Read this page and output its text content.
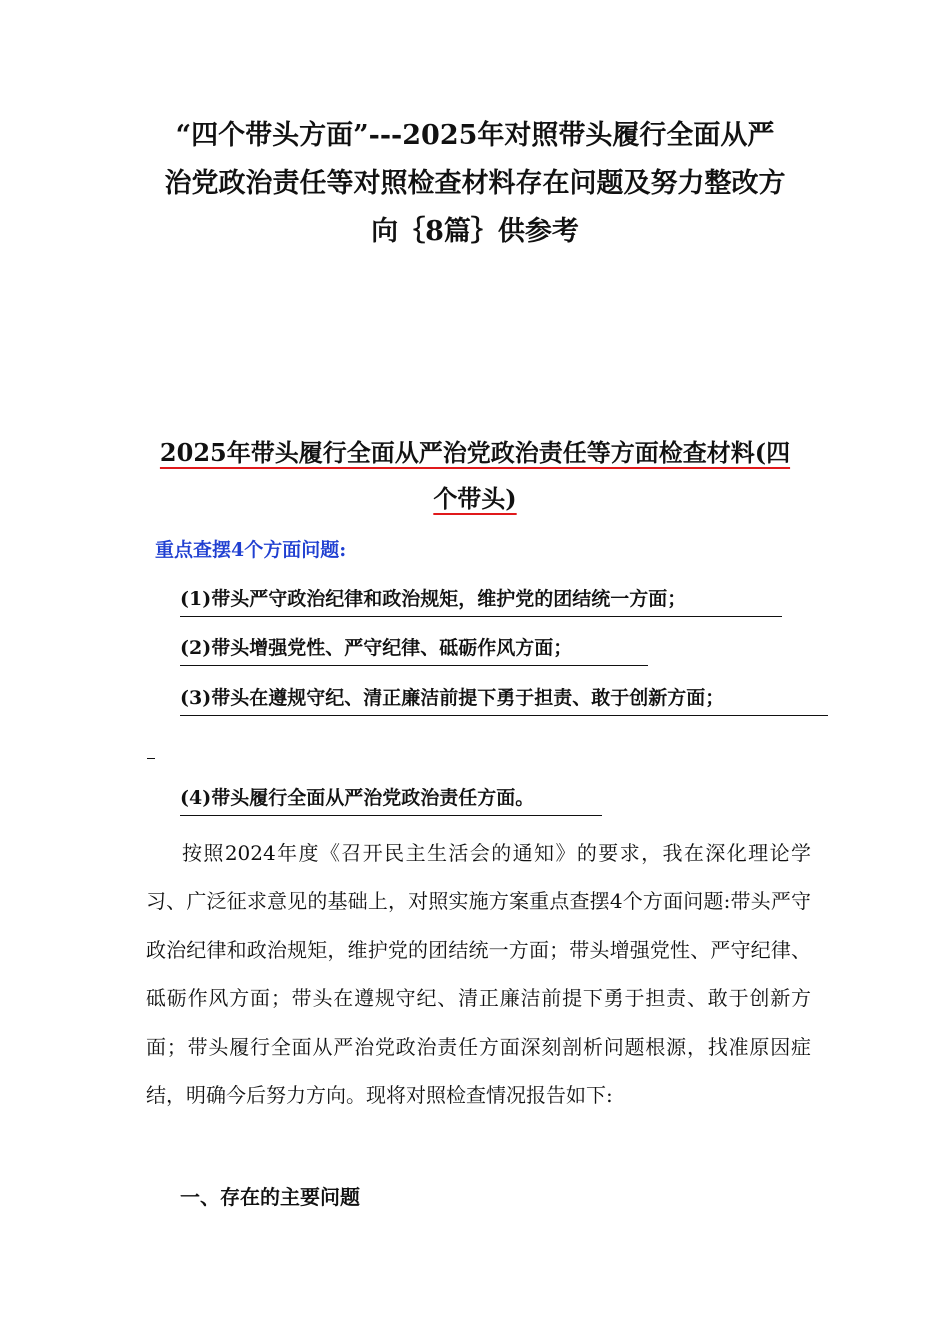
“四个带头方面”---2025年对照带头履行全面从严
治党政治责任等对照检查材料存在问题及努力整改方
向｛8篇｝供参考
2025年带头履行全面从严治党政治责任等方面检查材料(四
个带头)
重点查摆4个方面问题:
(1)带头严守政治纪律和政治规矩，维护党的团结统一方面；
(2)带头增强党性、严守纪律、砥砺作风方面；
(3)带头在遵规守纪、清正廉洁前提下勇于担责、敢于创新方面；
(4)带头履行全面从严治党政治责任方面。

按照2024年度《召开民主生活会的通知》的要求，我在深化理论学习、广泛征求意见的基础上，对照实施方案重点查摆4个方面问题:带头严守政治纪律和政治规矩，维护党的团结统一方面；带头增强党性、严守纪律、砥砺作风方面；带头在遵规守纪、清正廉洁前提下勇于担责、敢于创新方面；带头履行全面从严治党政治责任方面深刻剖析问题根源，找准原因症结，明确今后努力方向。现将对照检查情况报告如下:

一、存在的主要问题
